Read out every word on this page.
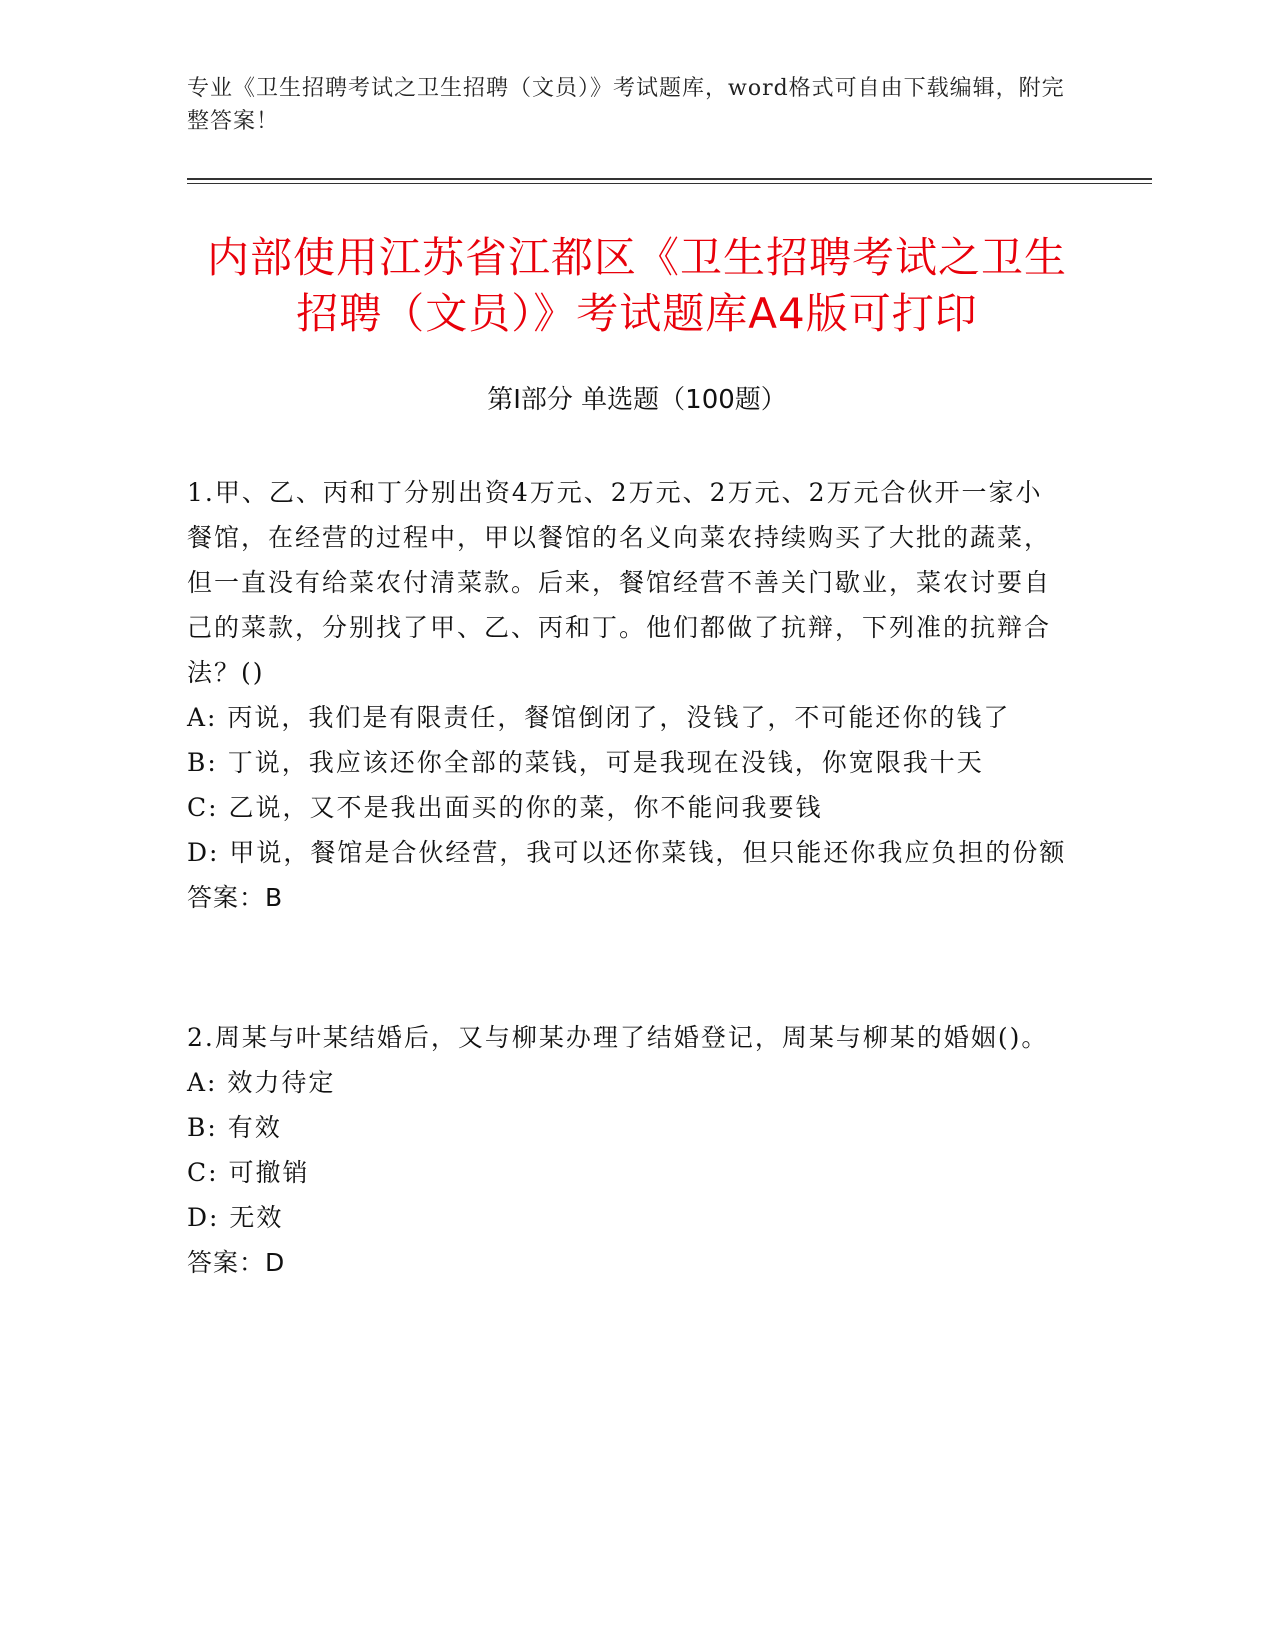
专业《卫生招聘考试之卫生招聘（文员）》考试题库，word格式可自由下载编辑，附完整答案！
内部使用江苏省江都区《卫生招聘考试之卫生招聘（文员）》考试题库A4版可打印
第Ⅰ部分 单选题（100题）

1.甲、乙、丙和丁分别出资4万元、2万元、2万元、2万元合伙开一家小餐馆，在经营的过程中，甲以餐馆的名义向菜农持续购买了大批的蔬菜，但一直没有给菜农付清菜款。后来，餐馆经营不善关门歇业，菜农讨要自己的菜款，分别找了甲、乙、丙和丁。他们都做了抗辩，下列准的抗辩合法？()

A: 丙说，我们是有限责任，餐馆倒闭了，没钱了，不可能还你的钱了

B: 丁说，我应该还你全部的菜钱，可是我现在没钱，你宽限我十天

C: 乙说，又不是我出面买的你的菜，你不能问我要钱

D: 甲说，餐馆是合伙经营，我可以还你菜钱，但只能还你我应负担的份额

答案：B

2.周某与叶某结婚后，又与柳某办理了结婚登记，周某与柳某的婚姻()。

A: 效力待定

B: 有效

C: 可撤销

D: 无效

答案：D
